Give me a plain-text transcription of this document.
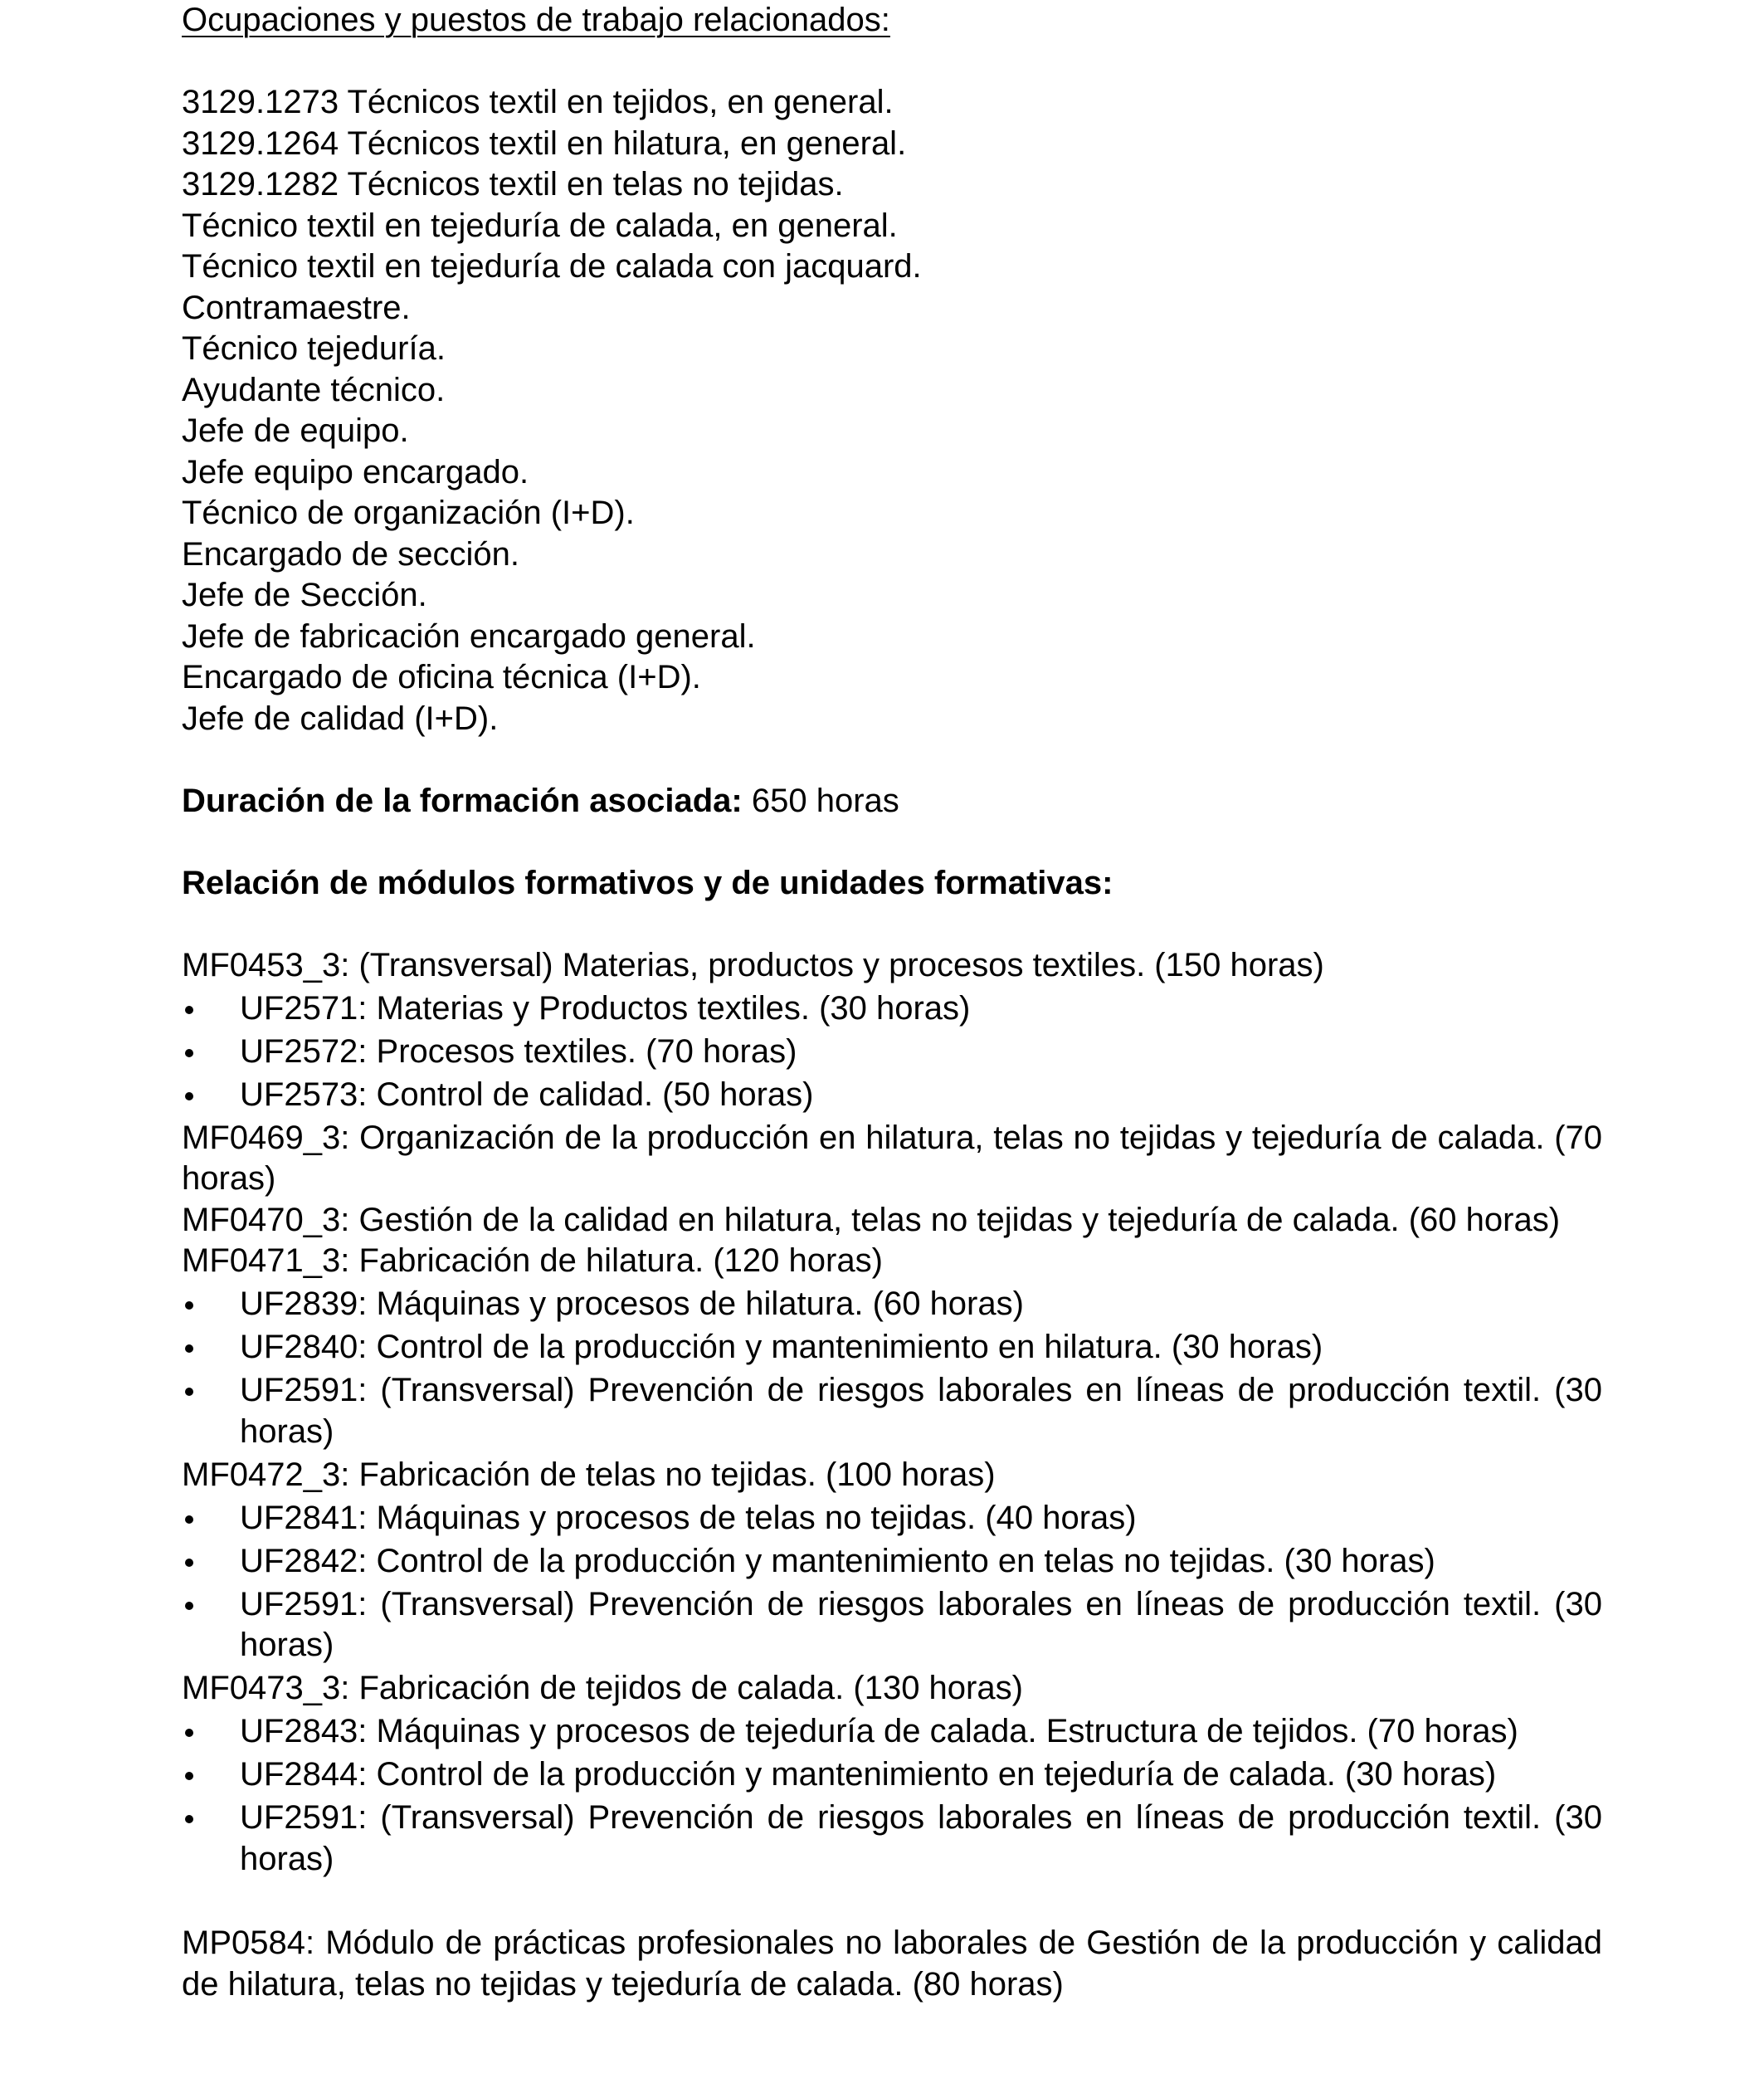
Ocupaciones y puestos de trabajo relacionados:
3129.1273 Técnicos textil en tejidos, en general.
3129.1264 Técnicos textil en hilatura, en general.
3129.1282 Técnicos textil en telas no tejidas.
Técnico textil en tejeduría de calada, en general.
Técnico textil en tejeduría de calada con jacquard.
Contramaestre.
Técnico tejeduría.
Ayudante técnico.
Jefe de equipo.
Jefe equipo encargado.
Técnico de organización (I+D).
Encargado de sección.
Jefe de Sección.
Jefe de fabricación encargado general.
Encargado de oficina técnica (I+D).
Jefe de calidad (I+D).
Duración de la formación asociada: 650 horas
Relación de módulos formativos y de unidades formativas:
MF0453_3: (Transversal) Materias, productos y procesos textiles. (150 horas)
UF2571: Materias y Productos textiles. (30 horas)
UF2572: Procesos textiles. (70 horas)
UF2573: Control de calidad. (50 horas)
MF0469_3: Organización de la producción en hilatura, telas no tejidas y tejeduría de calada. (70 horas)
MF0470_3: Gestión de la calidad en hilatura, telas no tejidas y tejeduría de calada. (60 horas)
MF0471_3: Fabricación de hilatura. (120 horas)
UF2839: Máquinas y procesos de hilatura. (60 horas)
UF2840: Control de la producción y mantenimiento en hilatura. (30 horas)
UF2591: (Transversal) Prevención de riesgos laborales en líneas de producción textil. (30 horas)
MF0472_3: Fabricación de telas no tejidas. (100 horas)
UF2841: Máquinas y procesos de telas no tejidas. (40 horas)
UF2842: Control de la producción y mantenimiento en telas no tejidas. (30 horas)
UF2591: (Transversal) Prevención de riesgos laborales en líneas de producción textil. (30 horas)
MF0473_3: Fabricación de tejidos de calada. (130 horas)
UF2843: Máquinas y procesos de tejeduría de calada. Estructura de tejidos. (70 horas)
UF2844: Control de la producción y mantenimiento en tejeduría de calada. (30 horas)
UF2591: (Transversal) Prevención de riesgos laborales en líneas de producción textil. (30 horas)
MP0584: Módulo de prácticas profesionales no laborales de Gestión de la producción y calidad de hilatura, telas no tejidas y tejeduría de calada. (80 horas)
